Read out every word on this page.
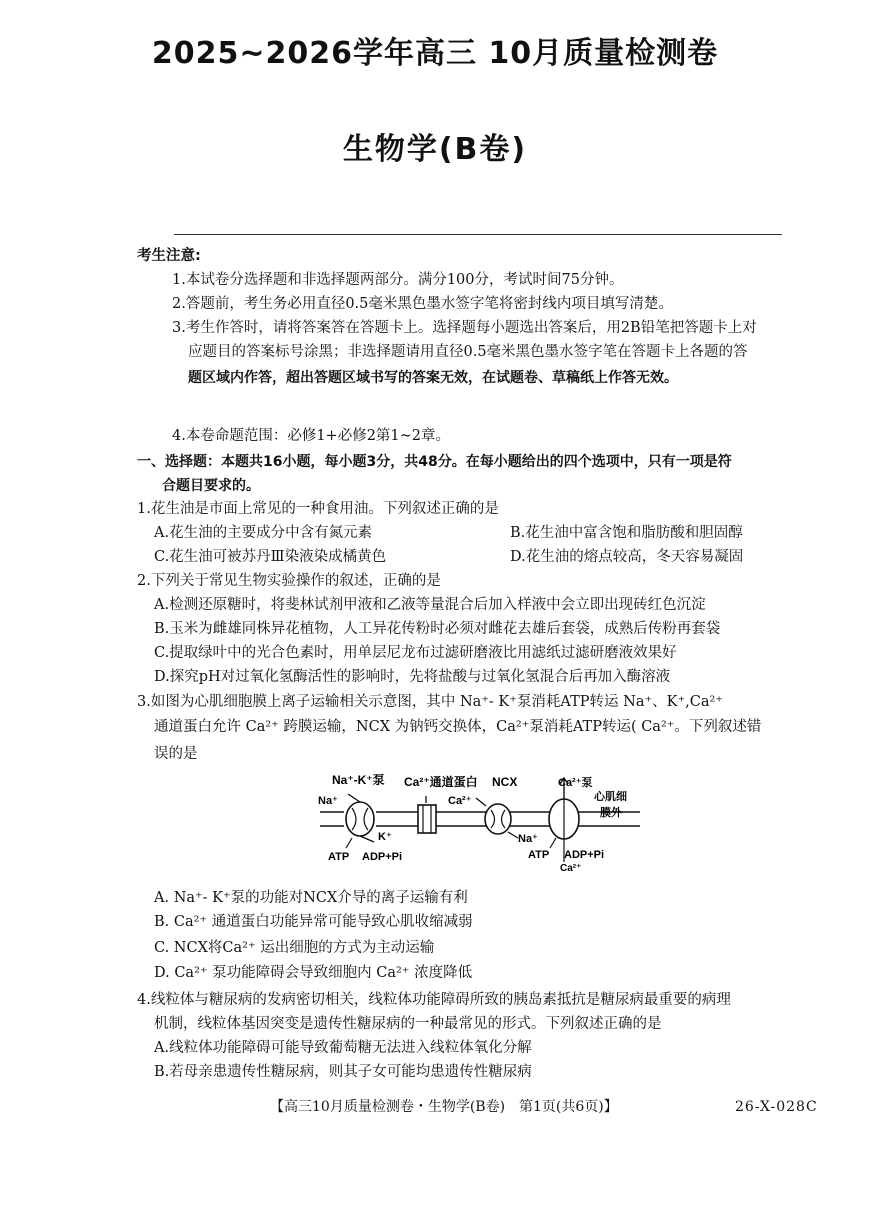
2025~2026学年高三 10月质量检测卷
生物学(B卷)
考生注意:
1.本试卷分选择题和非选择题两部分。满分100分，考试时间75分钟。
2.答题前，考生务必用直径0.5毫米黑色墨水签字笔将密封线内项目填写清楚。
3.考生作答时，请将答案答在答题卡上。选择题每小题选出答案后，用2B铅笔把答题卡上对
应题目的答案标号涂黑；非选择题请用直径0.5毫米黑色墨水签字笔在答题卡上各题的答
题区域内作答，超出答题区域书写的答案无效，在试题卷、草稿纸上作答无效。
4.本卷命题范围：必修1+必修2第1~2章。
一、选择题：本题共16小题，每小题3分，共48分。在每小题给出的四个选项中，只有一项是符
合题目要求的。
1.花生油是市面上常见的一种食用油。下列叙述正确的是
A.花生油的主要成分中含有氮元素	B.花生油中富含饱和脂肪酸和胆固醇
C.花生油可被苏丹Ⅲ染液染成橘黄色	D.花生油的熔点较高，冬天容易凝固
2.下列关于常见生物实验操作的叙述，正确的是
A.检测还原糖时，将斐林试剂甲液和乙液等量混合后加入样液中会立即出现砖红色沉淀
B.玉米为雌雄同株异花植物，人工异花传粉时必须对雌花去雄后套袋，成熟后传粉再套袋
C.提取绿叶中的光合色素时，用单层尼龙布过滤研磨液比用滤纸过滤研磨液效果好
D.探究pH对过氧化氢酶活性的影响时，先将盐酸与过氧化氢混合后再加入酶溶液
3.如图为心肌细胞膜上离子运输相关示意图，其中 Na⁺- K⁺泵消耗ATP转运 Na⁺、K⁺,Ca²⁺
通道蛋白允许 Ca²⁺ 跨膜运输，NCX 为钠钙交换体，Ca²⁺泵消耗ATP转运( Ca²⁺。下列叙述错
误的是
Na⁺-K⁺泵
Na⁺
Ca²⁺通道蛋白
Ca²⁺
NCX	Ca²⁺泵
心肌细
膜外
K⁺	Na⁺
ATP ADP+Pi	ATP ADP+Pi
Ca²⁺
A. Na⁺- K⁺泵的功能对NCX介导的离子运输有利
B. Ca²⁺ 通道蛋白功能异常可能导致心肌收缩减弱
C. NCX将Ca²⁺ 运出细胞的方式为主动运输
D. Ca²⁺ 泵功能障碍会导致细胞内 Ca²⁺ 浓度降低
4.线粒体与糖尿病的发病密切相关，线粒体功能障碍所致的胰岛素抵抗是糖尿病最重要的病理
机制，线粒体基因突变是遗传性糖尿病的一种最常见的形式。下列叙述正确的是
A.线粒体功能障碍可能导致葡萄糖无法进入线粒体氧化分解
B.若母亲患遗传性糖尿病，则其子女可能均患遗传性糖尿病
【高三10月质量检测卷・生物学(B卷)　第1页(共6页)】	26-X-028C
